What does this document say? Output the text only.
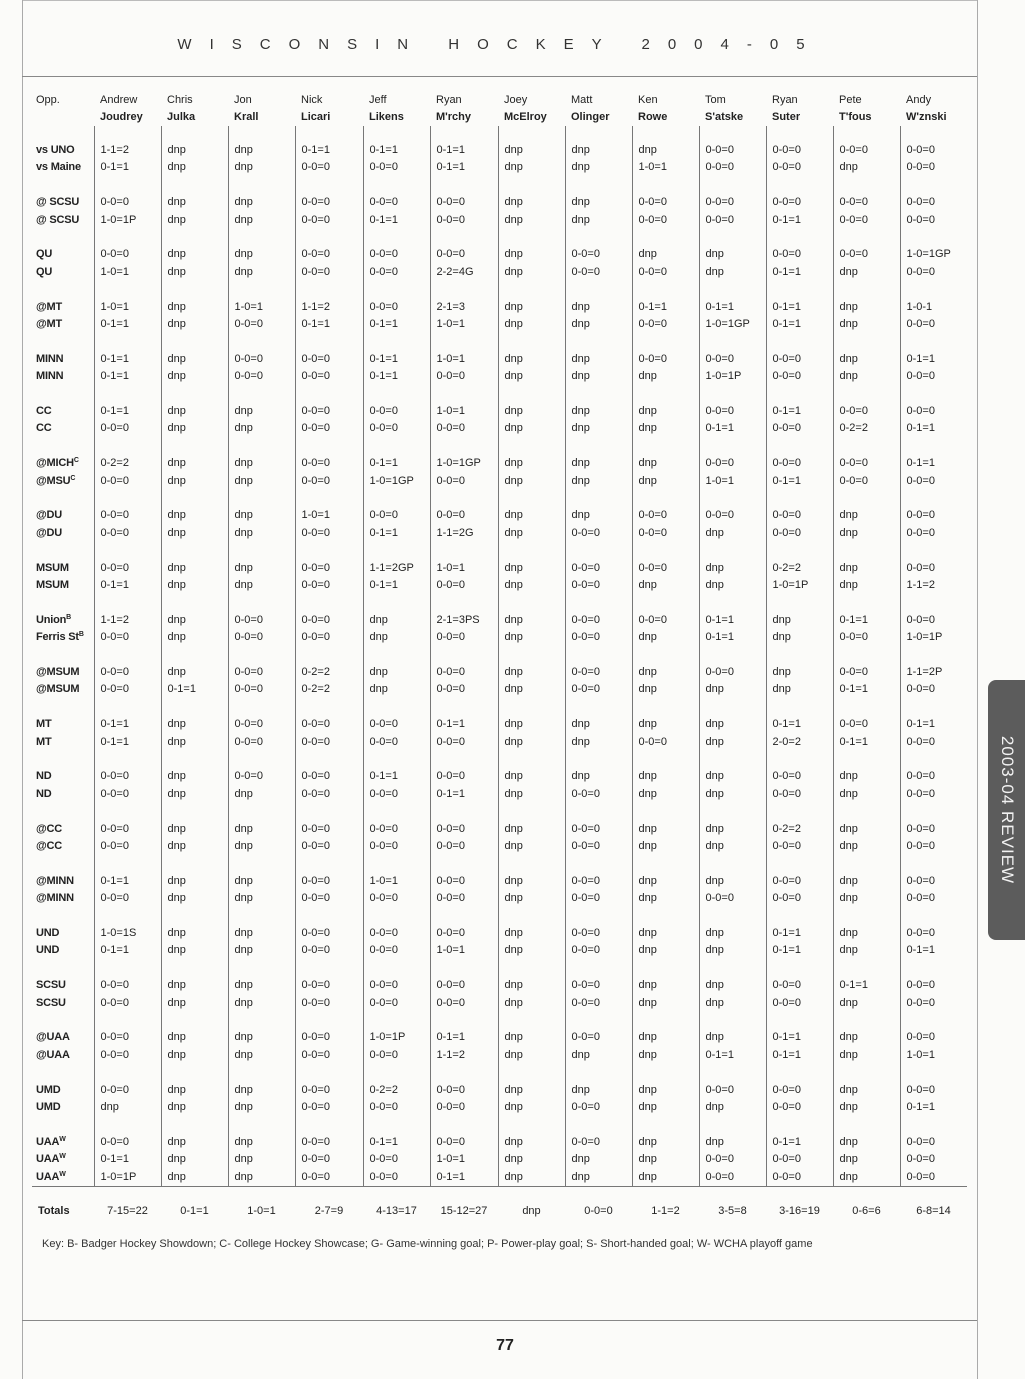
WISCONSIN HOCKEY 2004-05
Opp.	Andrew	Chris	Jon	Nick	Jeff	Ryan	Joey	Matt	Ken	Tom	Ryan	Pete	Andy
	Joudrey	Julka	Krall	Licari	Likens	M'rchy	McElroy	Olinger	Rowe	S'atske	Suter	T'fous	W'znski

vs UNO	1-1=2	dnp	dnp	0-1=1	0-1=1	0-1=1	dnp	dnp	dnp	0-0=0	0-0=0	0-0=0	0-0=0
vs Maine	0-1=1	dnp	dnp	0-0=0	0-0=0	0-1=1	dnp	dnp	1-0=1	0-0=0	0-0=0	dnp	0-0=0

@ SCSU	0-0=0	dnp	dnp	0-0=0	0-0=0	0-0=0	dnp	dnp	0-0=0	0-0=0	0-0=0	0-0=0	0-0=0
@ SCSU	1-0=1P	dnp	dnp	0-0=0	0-1=1	0-0=0	dnp	dnp	0-0=0	0-0=0	0-1=1	0-0=0	0-0=0

QU	0-0=0	dnp	dnp	0-0=0	0-0=0	0-0=0	dnp	0-0=0	dnp	dnp	0-0=0	0-0=0	1-0=1GP
QU	1-0=1	dnp	dnp	0-0=0	0-0=0	2-2=4G	dnp	0-0=0	0-0=0	dnp	0-1=1	dnp	0-0=0

@MT	1-0=1	dnp	1-0=1	1-1=2	0-0=0	2-1=3	dnp	dnp	0-1=1	0-1=1	0-1=1	dnp	1-0-1
@MT	0-1=1	dnp	0-0=0	0-1=1	0-1=1	1-0=1	dnp	dnp	0-0=0	1-0=1GP	0-1=1	dnp	0-0=0

MINN	0-1=1	dnp	0-0=0	0-0=0	0-1=1	1-0=1	dnp	dnp	0-0=0	0-0=0	0-0=0	dnp	0-1=1
MINN	0-1=1	dnp	0-0=0	0-0=0	0-1=1	0-0=0	dnp	dnp	dnp	1-0=1P	0-0=0	dnp	0-0=0

CC	0-1=1	dnp	dnp	0-0=0	0-0=0	1-0=1	dnp	dnp	dnp	0-0=0	0-1=1	0-0=0	0-0=0
CC	0-0=0	dnp	dnp	0-0=0	0-0=0	0-0=0	dnp	dnp	dnp	0-1=1	0-0=0	0-2=2	0-1=1

$@MICH^C$	0-2=2	dnp	dnp	0-0=0	0-1=1	1-0=1GP	dnp	dnp	dnp	0-0=0	0-0=0	0-0=0	0-1=1
$@MSU^C$	0-0=0	dnp	dnp	0-0=0	1-0=1GP	0-0=0	dnp	dnp	dnp	1-0=1	0-1=1	0-0=0	0-0=0

@DU	0-0=0	dnp	dnp	1-0=1	0-0=0	0-0=0	dnp	dnp	0-0=0	0-0=0	0-0=0	dnp	0-0=0
@DU	0-0=0	dnp	dnp	0-0=0	0-1=1	1-1=2G	dnp	0-0=0	0-0=0	dnp	0-0=0	dnp	0-0=0

MSUM	0-0=0	dnp	dnp	0-0=0	1-1=2GP	1-0=1	dnp	0-0=0	0-0=0	dnp	0-2=2	dnp	0-0=0
MSUM	0-1=1	dnp	dnp	0-0=0	0-1=1	0-0=0	dnp	0-0=0	dnp	dnp	1-0=1P	dnp	1-1=2

Union$^B$	1-1=2	dnp	0-0=0	0-0=0	dnp	2-1=3PS	dnp	0-0=0	0-0=0	0-1=1	dnp	0-1=1	0-0=0
Ferris $St^B$	0-0=0	dnp	0-0=0	0-0=0	dnp	0-0=0	dnp	0-0=0	dnp	0-1=1	dnp	0-0=0	1-0=1P

@MSUM	0-0=0	dnp	0-0=0	0-2=2	dnp	0-0=0	dnp	0-0=0	dnp	0-0=0	dnp	0-0=0	1-1=2P
@MSUM	0-0=0	0-1=1	0-0=0	0-2=2	dnp	0-0=0	dnp	0-0=0	dnp	dnp	dnp	0-1=1	0-0=0

MT	0-1=1	dnp	0-0=0	0-0=0	0-0=0	0-1=1	dnp	dnp	dnp	dnp	0-1=1	0-0=0	0-1=1
MT	0-1=1	dnp	0-0=0	0-0=0	0-0=0	0-0=0	dnp	dnp	0-0=0	dnp	2-0=2	0-1=1	0-0=0

ND	0-0=0	dnp	0-0=0	0-0=0	0-1=1	0-0=0	dnp	dnp	dnp	dnp	0-0=0	dnp	0-0=0
ND	0-0=0	dnp	dnp	0-0=0	0-0=0	0-1=1	dnp	0-0=0	dnp	dnp	0-0=0	dnp	0-0=0

@CC	0-0=0	dnp	dnp	0-0=0	0-0=0	0-0=0	dnp	0-0=0	dnp	dnp	0-2=2	dnp	0-0=0
@CC	0-0=0	dnp	dnp	0-0=0	0-0=0	0-0=0	dnp	0-0=0	dnp	dnp	0-0=0	dnp	0-0=0

@MINN	0-1=1	dnp	dnp	0-0=0	1-0=1	0-0=0	dnp	0-0=0	dnp	dnp	0-0=0	dnp	0-0=0
@MINN	0-0=0	dnp	dnp	0-0=0	0-0=0	0-0=0	dnp	0-0=0	dnp	0-0=0	0-0=0	dnp	0-0=0

UND	1-0=1S	dnp	dnp	0-0=0	0-0=0	0-0=0	dnp	0-0=0	dnp	dnp	0-1=1	dnp	0-0=0
UND	0-1=1	dnp	dnp	0-0=0	0-0=0	1-0=1	dnp	0-0=0	dnp	dnp	0-1=1	dnp	0-1=1

SCSU	0-0=0	dnp	dnp	0-0=0	0-0=0	0-0=0	dnp	0-0=0	dnp	dnp	0-0=0	0-1=1	0-0=0
SCSU	0-0=0	dnp	dnp	0-0=0	0-0=0	0-0=0	dnp	0-0=0	dnp	dnp	0-0=0	dnp	0-0=0

@UAA	0-0=0	dnp	dnp	0-0=0	1-0=1P	0-1=1	dnp	0-0=0	dnp	dnp	0-1=1	dnp	0-0=0
@UAA	0-0=0	dnp	dnp	0-0=0	0-0=0	1-1=2	dnp	dnp	dnp	0-1=1	0-1=1	dnp	1-0=1

UMD	0-0=0	dnp	dnp	0-0=0	0-2=2	0-0=0	dnp	dnp	dnp	0-0=0	0-0=0	dnp	0-0=0
UMD	dnp	dnp	dnp	0-0=0	0-0=0	0-0=0	dnp	0-0=0	dnp	dnp	0-0=0	dnp	0-1=1

$UAA^W$	0-0=0	dnp	dnp	0-0=0	0-1=1	0-0=0	dnp	0-0=0	dnp	dnp	0-1=1	dnp	0-0=0
$UAA^W$	0-1=1	dnp	dnp	0-0=0	0-0=0	1-0=1	dnp	dnp	dnp	0-0=0	0-0=0	dnp	0-0=0
$UAA^W$	1-0=1P	dnp	dnp	0-0=0	0-0=0	0-1=1	dnp	dnp	dnp	0-0=0	0-0=0	dnp	0-0=0
Totals	7-15=22	0-1=1	1-0=1	2-7=9	4-13=17	15-12=27	dnp	0-0=0	1-1=2	3-5=8	3-16=19	0-6=6	6-8=14
Key: B- Badger Hockey Showdown; C- College Hockey Showcase; G- Game-winning goal; P- Power-play goal; S- Short-handed goal; W- WCHA playoff game
77
2003-04 REVIEW
